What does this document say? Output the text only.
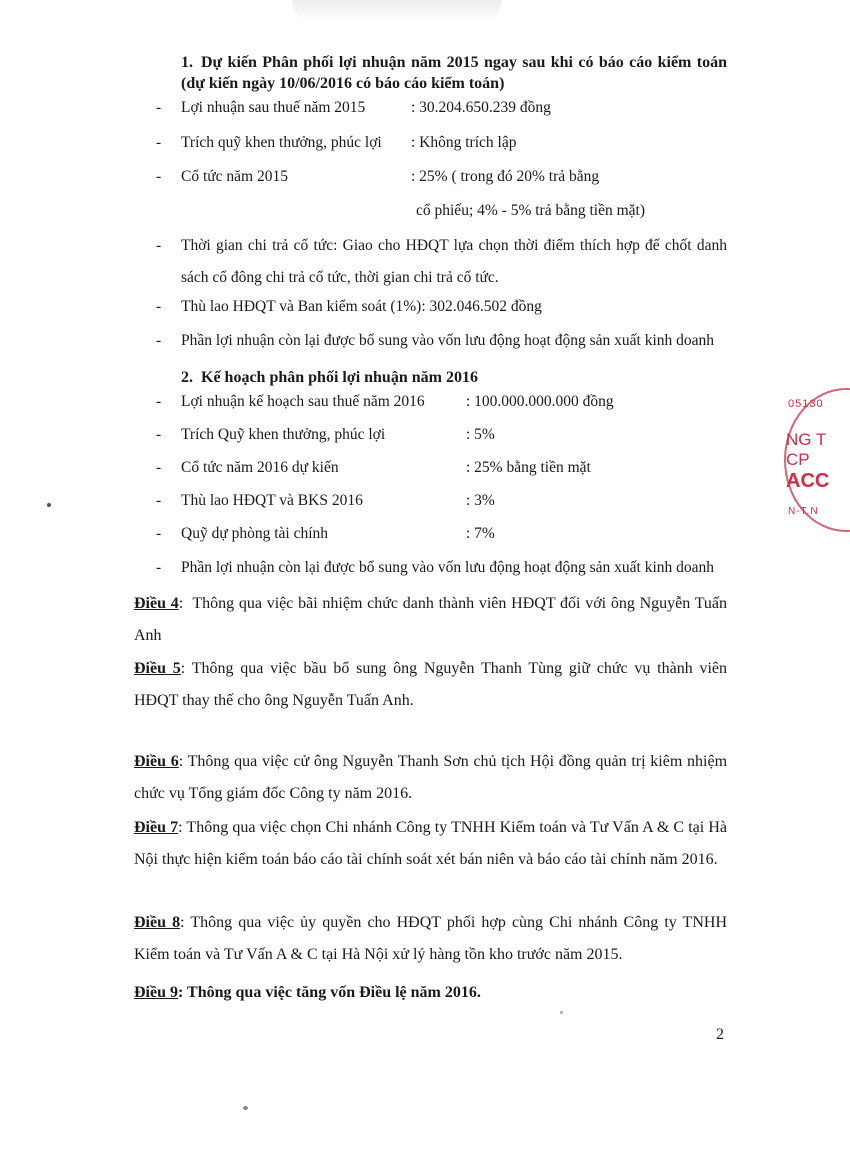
1. Dự kiến Phân phối lợi nhuận năm 2015 ngay sau khi có báo cáo kiểm toán (dự kiến ngày 10/06/2016 có báo cáo kiểm toán)
- Lợi nhuận sau thuế năm 2015	: 30.204.650.239 đồng
- Trích quỹ khen thưởng, phúc lợi : Không trích lập
- Cổ tức năm 2015	: 25% ( trong đó 20% trả bằng
cổ phiếu; 4% - 5% trả bằng tiền mặt)
- Thời gian chi trả cổ tức: Giao cho HĐQT lựa chọn thời điểm thích hợp để chốt danh sách cổ đông chi trả cổ tức, thời gian chi trả cổ tức.
- Thù lao HĐQT và Ban kiểm soát (1%): 302.046.502 đồng
- Phần lợi nhuận còn lại được bổ sung vào vốn lưu động hoạt động sản xuất kinh doanh
2. Kế hoạch phân phối lợi nhuận năm 2016
- Lợi nhuận kế hoạch sau thuế năm 2016	: 100.000.000.000 đồng
- Trích Quỹ khen thưởng, phúc lợi	: 5%
- Cổ tức năm 2016 dự kiến	: 25% bằng tiền mặt
- Thù lao HĐQT và BKS 2016	: 3%
- Quỹ dự phòng tài chính	: 7%
- Phần lợi nhuận còn lại được bổ sung vào vốn lưu động hoạt động sản xuất kinh doanh
Điều 4: Thông qua việc bãi nhiệm chức danh thành viên HĐQT đối với ông Nguyễn Tuấn Anh
Điều 5: Thông qua việc bầu bổ sung ông Nguyễn Thanh Tùng giữ chức vụ thành viên HĐQT thay thế cho ông Nguyễn Tuấn Anh.
Điều 6: Thông qua việc cử ông Nguyễn Thanh Sơn chủ tịch Hội đồng quản trị kiêm nhiệm chức vụ Tổng giám đốc Công ty năm 2016.
Điều 7: Thông qua việc chọn Chi nhánh Công ty TNHH Kiểm toán và Tư Vấn A & C tại Hà Nội thực hiện kiểm toán báo cáo tài chính soát xét bán niên và báo cáo tài chính năm 2016.
Điều 8: Thông qua việc ủy quyền cho HĐQT phối hợp cùng Chi nhánh Công ty TNHH Kiểm toán và Tư Vấn A & C tại Hà Nội xử lý hàng tồn kho trước năm 2015.
Điều 9: Thông qua việc tăng vốn Điều lệ năm 2016.
2
05130
NG T
CP
ACC
N-T.N
